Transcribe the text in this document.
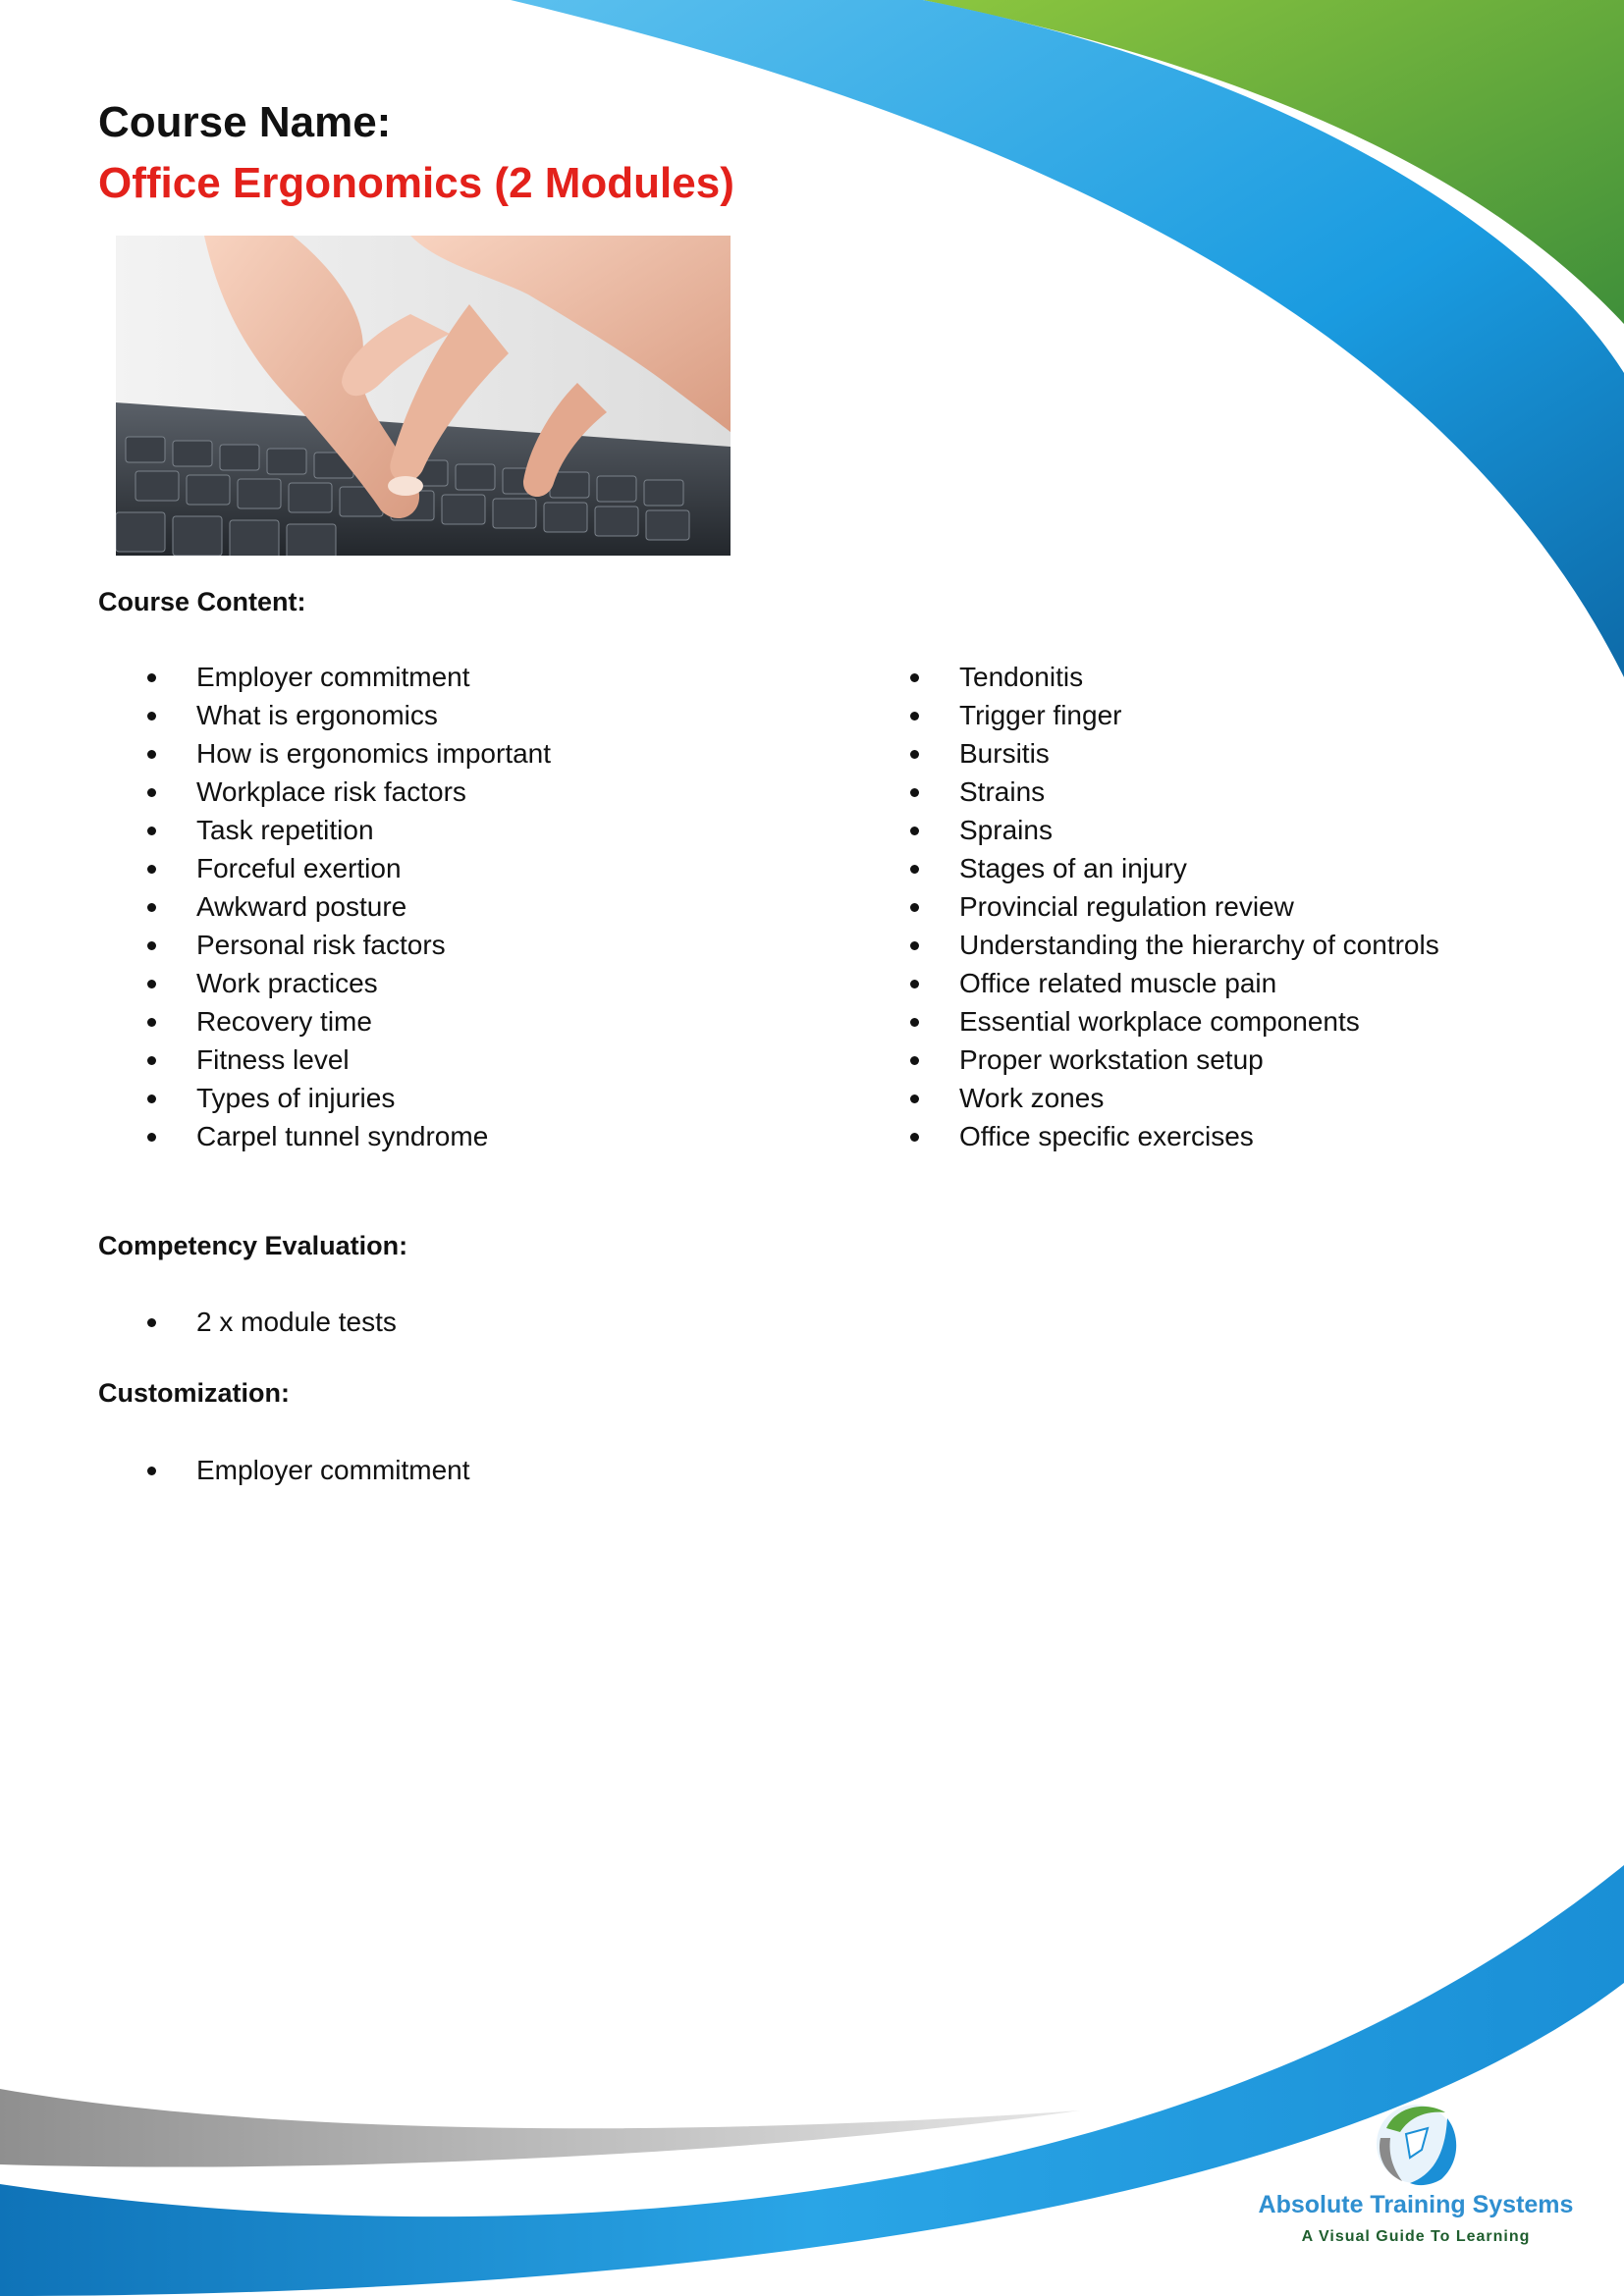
Course Name:
Office Ergonomics (2 Modules)
Course Content:
Employer commitment
What is ergonomics
How is ergonomics important
Workplace risk factors
Task repetition
Forceful exertion
Awkward posture
Personal risk factors
Work practices
Recovery time
Fitness level
Types of injuries
Carpel tunnel syndrome
Tendonitis
Trigger finger
Bursitis
Strains
Sprains
Stages of an injury
Provincial regulation review
Understanding the hierarchy of controls
Office related muscle pain
Essential workplace components
Proper workstation setup
Work zones
Office specific exercises
Competency Evaluation:
2 x module tests
Customization:
Employer commitment
Absolute Training Systems
A Visual Guide To Learning
